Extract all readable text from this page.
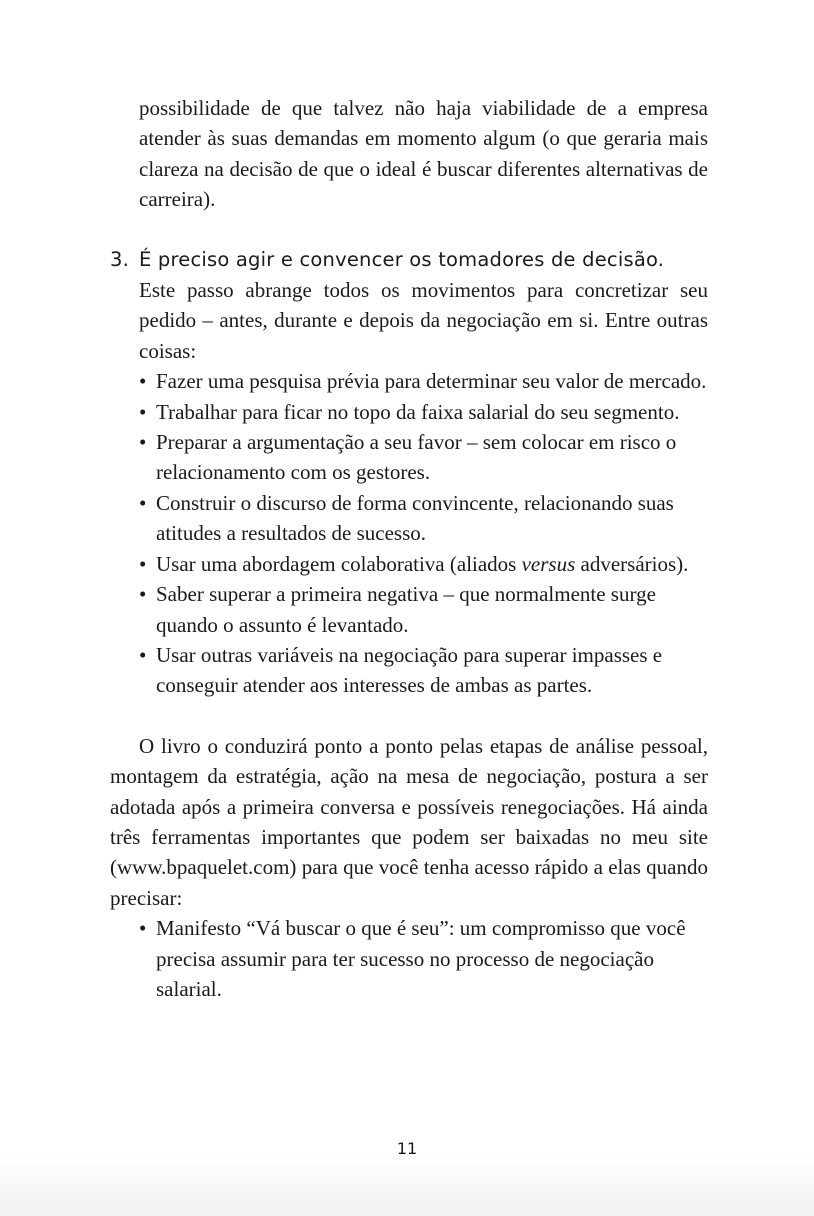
possibilidade de que talvez não haja viabilidade de a empresa atender às suas demandas em momento algum (o que geraria mais clareza na decisão de que o ideal é buscar diferentes alternativas de carreira).

3. É preciso agir e convencer os tomadores de decisão.

Este passo abrange todos os movimentos para concretizar seu pedido – antes, durante e depois da negociação em si. Entre outras coisas:

• Fazer uma pesquisa prévia para determinar seu valor de mercado.
• Trabalhar para ficar no topo da faixa salarial do seu segmento.
• Preparar a argumentação a seu favor – sem colocar em risco o relacionamento com os gestores.
• Construir o discurso de forma convincente, relacionando suas atitudes a resultados de sucesso.
• Usar uma abordagem colaborativa (aliados versus adversários).
• Saber superar a primeira negativa – que normalmente surge quando o assunto é levantado.
• Usar outras variáveis na negociação para superar impasses e conseguir atender aos interesses de ambas as partes.

O livro o conduzirá ponto a ponto pelas etapas de análise pessoal, montagem da estratégia, ação na mesa de negociação, postura a ser adotada após a primeira conversa e possíveis renegociações. Há ainda três ferramentas importantes que podem ser baixadas no meu site (www.bpaquelet.com) para que você tenha acesso rápido a elas quando precisar:

• Manifesto “Vá buscar o que é seu”: um compromisso que você precisa assumir para ter sucesso no processo de negociação salarial.
11
